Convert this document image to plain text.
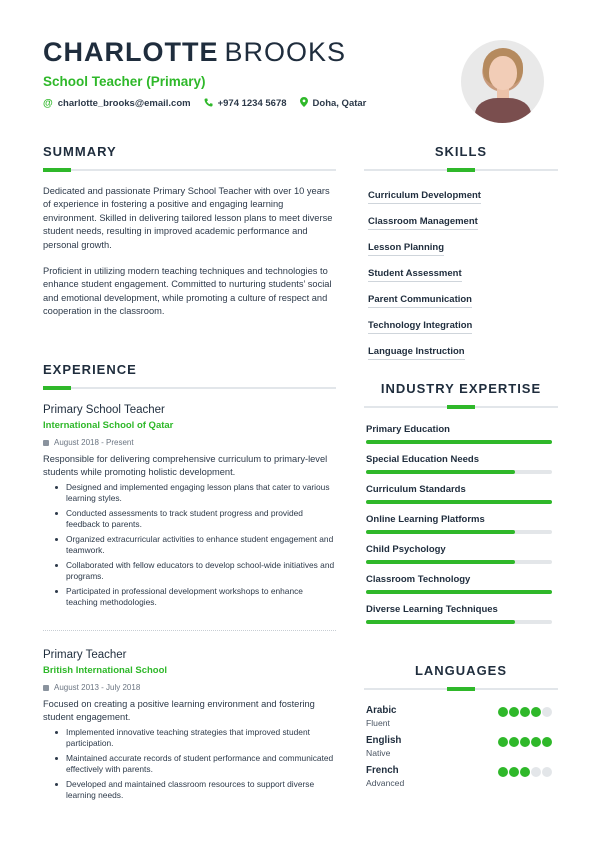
CHARLOTTE BROOKS
School Teacher (Primary)
@ charlotte_brooks@email.com	+974 1234 5678	Doha, Qatar
SUMMARY

Dedicated and passionate Primary School Teacher with over 10 years of experience in fostering a positive and engaging learning environment. Skilled in delivering tailored lesson plans to meet diverse student needs, resulting in improved academic performance and personal growth.

Proficient in utilizing modern teaching techniques and technologies to enhance student engagement. Committed to nurturing students’ social and emotional development, while promoting a culture of respect and cooperation in the classroom.

SKILLS
Curriculum Development
Classroom Management
Lesson Planning
Student Assessment
Parent Communication
Technology Integration
Language Instruction
EXPERIENCE
Primary School Teacher
International School of Qatar
August 2018 - Present
Responsible for delivering comprehensive curriculum to primary-level students while promoting holistic development.
Designed and implemented engaging lesson plans that cater to various learning styles.
Conducted assessments to track student progress and provided feedback to parents.
Organized extracurricular activities to enhance student engagement and teamwork.
Collaborated with fellow educators to develop school-wide initiatives and programs.
Participated in professional development workshops to enhance teaching methodologies.
Primary Teacher
British International School
August 2013 - July 2018
Focused on creating a positive learning environment and fostering student engagement.
Implemented innovative teaching strategies that improved student participation.
Maintained accurate records of student performance and communicated effectively with parents.
Developed and maintained classroom resources to support diverse learning needs.
INDUSTRY EXPERTISE
Primary Education
Special Education Needs
Curriculum Standards
Online Learning Platforms
Child Psychology
Classroom Technology
Diverse Learning Techniques
LANGUAGES
Arabic
Fluent
English
Native
French
Advanced
